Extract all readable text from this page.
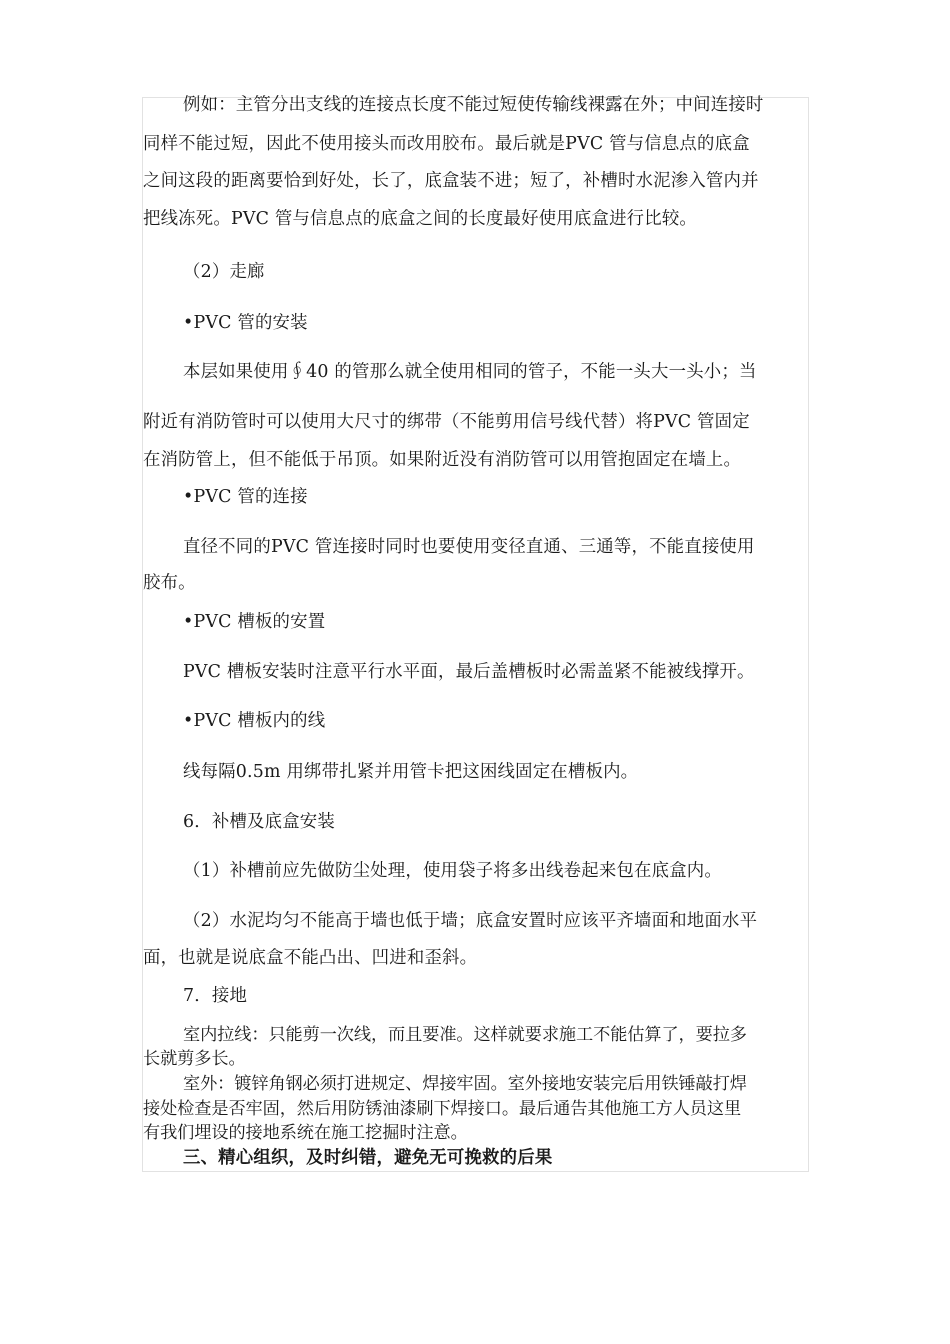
例如：主管分出支线的连接点长度不能过短使传输线裸露在外；中间连接时
同样不能过短，因此不使用接头而改用胶布。最后就是PVC 管与信息点的底盒
之间这段的距离要恰到好处，长了，底盒装不进；短了，补槽时水泥渗入管内并
把线冻死。PVC 管与信息点的底盒之间的长度最好使用底盒进行比较。
（2）走廊
•PVC 管的安装
本层如果使用∮40 的管那么就全使用相同的管子，不能一头大一头小；当
附近有消防管时可以使用大尺寸的绑带（不能剪用信号线代替）将PVC 管固定
在消防管上，但不能低于吊顶。如果附近没有消防管可以用管抱固定在墙上。
•PVC 管的连接
直径不同的PVC 管连接时同时也要使用变径直通、三通等，不能直接使用
胶布。
•PVC 槽板的安置
PVC 槽板安装时注意平行水平面，最后盖槽板时必需盖紧不能被线撑开。
•PVC 槽板内的线
线每隔0.5m 用绑带扎紧并用管卡把这困线固定在槽板内。
6．补槽及底盒安装
（1）补槽前应先做防尘处理，使用袋子将多出线卷起来包在底盒内。
（2）水泥均匀不能高于墙也低于墙；底盒安置时应该平齐墙面和地面水平
面，也就是说底盒不能凸出、凹进和歪斜。
7．接地
室内拉线：只能剪一次线，而且要准。这样就要求施工不能估算了，要拉多
长就剪多长。
室外：镀锌角钢必须打进规定、焊接牢固。室外接地安装完后用铁锤敲打焊
接处检查是否牢固，然后用防锈油漆刷下焊接口。最后通告其他施工方人员这里
有我们埋设的接地系统在施工挖掘时注意。
三、精心组织，及时纠错，避免无可挽救的后果
